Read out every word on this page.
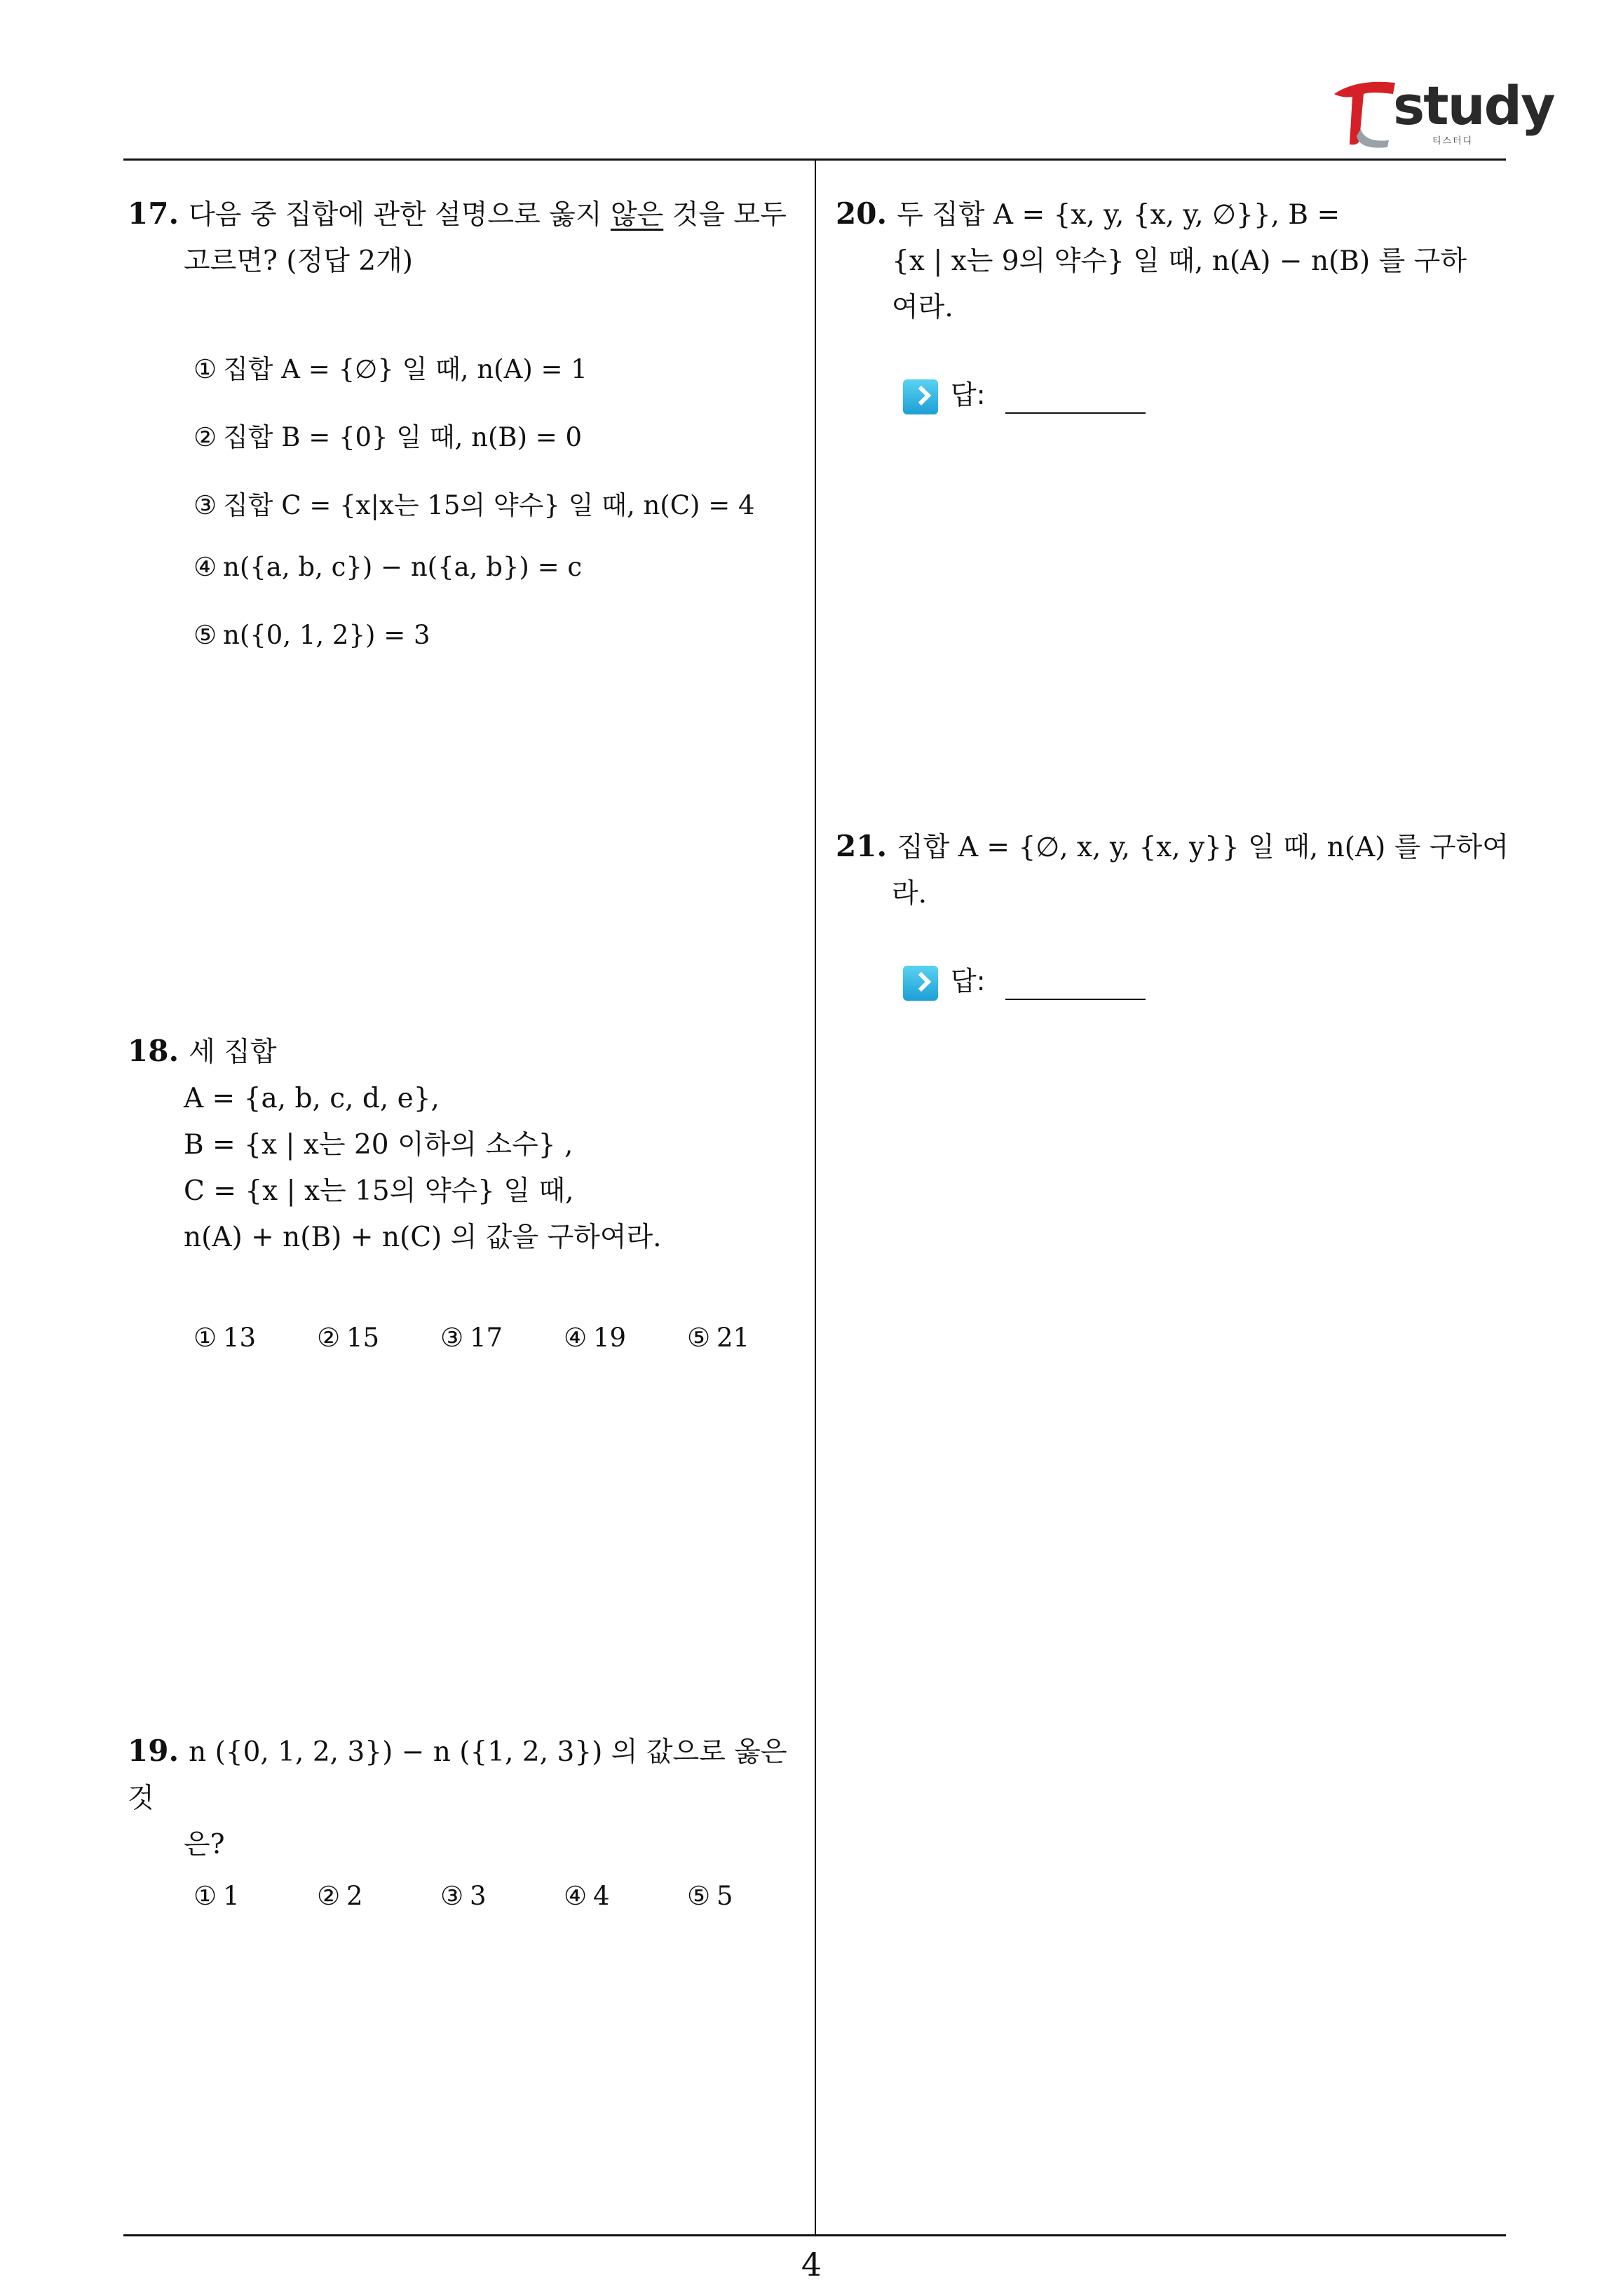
study
티스터디
17. 다음 중 집합에 관한 설명으로 옳지 않은 것을 모두
고르면? (정답 2개)
① 집합 A = {∅} 일 때, n(A) = 1
② 집합 B = {0} 일 때, n(B) = 0
③ 집합 C = {x|x는 15의 약수} 일 때, n(C) = 4
④ n({a, b, c}) − n({a, b}) = c
⑤ n({0, 1, 2}) = 3
18. 세 집합
A = {a, b, c, d, e},
B = {x | x는 20 이하의 소수} ,
C = {x | x는 15의 약수} 일 때,
n(A) + n(B) + n(C) 의 값을 구하여라.
① 13 ② 15 ③ 17 ④ 19 ⑤ 21
19. n ({0, 1, 2, 3}) − n ({1, 2, 3}) 의 값으로 옳은 것
은?
① 1	② 2	③ 3	④ 4	⑤ 5
20. 두 집합 A = {x, y, {x, y, ∅}}, B =
{x | x는 9의 약수} 일 때, n(A) − n(B) 를 구하
여라.
답:
21. 집합 A = {∅, x, y, {x, y}} 일 때, n(A) 를 구하여
라.
답:
4
